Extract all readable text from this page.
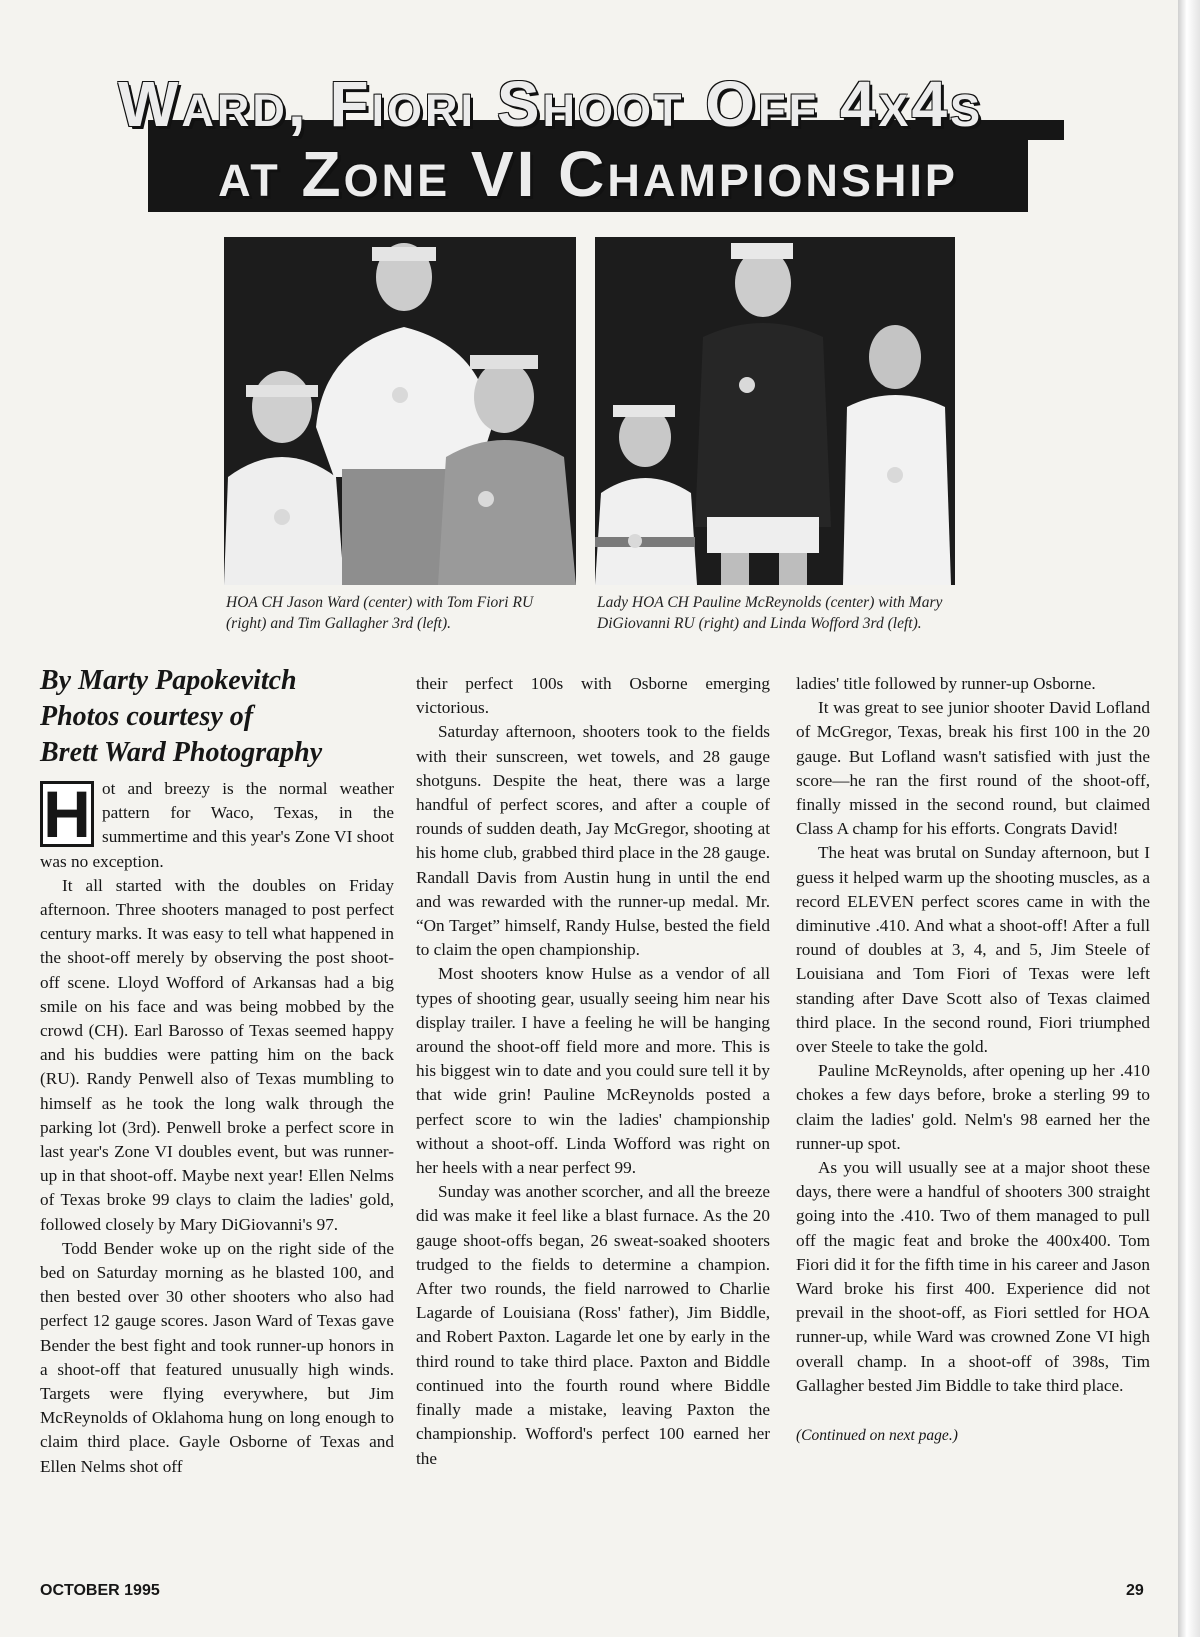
Ward, Fiori Shoot Off 4x4s
at Zone VI Championship
HOA CH Jason Ward (center) with Tom Fiori RU (right) and Tim Gallagher 3rd (left).
Lady HOA CH Pauline McReynolds (center) with Mary DiGiovanni RU (right) and Linda Wofford 3rd (left).
By Marty Papokevitch
Photos courtesy of
Brett Ward Photography
H ot and breezy is the normal weather pattern for Waco, Texas, in the summertime and this year's Zone VI shoot was no exception.

It all started with the doubles on Friday afternoon. Three shooters managed to post perfect century marks. It was easy to tell what happened in the shoot-off merely by observing the post shoot-off scene. Lloyd Wofford of Arkansas had a big smile on his face and was being mobbed by the crowd (CH). Earl Barosso of Texas seemed happy and his buddies were patting him on the back (RU). Randy Penwell also of Texas mumbling to himself as he took the long walk through the parking lot (3rd). Penwell broke a perfect score in last year's Zone VI doubles event, but was runner-up in that shoot-off. Maybe next year! Ellen Nelms of Texas broke 99 clays to claim the ladies' gold, followed closely by Mary DiGiovanni's 97.

Todd Bender woke up on the right side of the bed on Saturday morning as he blasted 100, and then bested over 30 other shooters who also had perfect 12 gauge scores. Jason Ward of Texas gave Bender the best fight and took runner-up honors in a shoot-off that featured unusually high winds. Targets were flying everywhere, but Jim McReynolds of Oklahoma hung on long enough to claim third place. Gayle Osborne of Texas and Ellen Nelms shot off

their perfect 100s with Osborne emerging victorious.

Saturday afternoon, shooters took to the fields with their sunscreen, wet towels, and 28 gauge shotguns. Despite the heat, there was a large handful of perfect scores, and after a couple of rounds of sudden death, Jay McGregor, shooting at his home club, grabbed third place in the 28 gauge. Randall Davis from Austin hung in until the end and was rewarded with the runner-up medal. Mr. “On Target” himself, Randy Hulse, bested the field to claim the open championship.

Most shooters know Hulse as a vendor of all types of shooting gear, usually seeing him near his display trailer. I have a feeling he will be hanging around the shoot-off field more and more. This is his biggest win to date and you could sure tell it by that wide grin! Pauline McReynolds posted a perfect score to win the ladies' championship without a shoot-off. Linda Wofford was right on her heels with a near perfect 99.

Sunday was another scorcher, and all the breeze did was make it feel like a blast furnace. As the 20 gauge shoot-offs began, 26 sweat-soaked shooters trudged to the fields to determine a champion. After two rounds, the field narrowed to Charlie Lagarde of Louisiana (Ross' father), Jim Biddle, and Robert Paxton. Lagarde let one by early in the third round to take third place. Paxton and Biddle continued into the fourth round where Biddle finally made a mistake, leaving Paxton the championship. Wofford's perfect 100 earned her the

ladies' title followed by runner-up Osborne.

It was great to see junior shooter David Lofland of McGregor, Texas, break his first 100 in the 20 gauge. But Lofland wasn't satisfied with just the score—he ran the first round of the shoot-off, finally missed in the second round, but claimed Class A champ for his efforts. Congrats David!

The heat was brutal on Sunday afternoon, but I guess it helped warm up the shooting muscles, as a record ELEVEN perfect scores came in with the diminutive .410. And what a shoot-off! After a full round of doubles at 3, 4, and 5, Jim Steele of Louisiana and Tom Fiori of Texas were left standing after Dave Scott also of Texas claimed third place. In the second round, Fiori triumphed over Steele to take the gold.

Pauline McReynolds, after opening up her .410 chokes a few days before, broke a sterling 99 to claim the ladies' gold. Nelm's 98 earned her the runner-up spot.

As you will usually see at a major shoot these days, there were a handful of shooters 300 straight going into the .410. Two of them managed to pull off the magic feat and broke the 400x400. Tom Fiori did it for the fifth time in his career and Jason Ward broke his first 400. Experience did not prevail in the shoot-off, as Fiori settled for HOA runner-up, while Ward was crowned Zone VI high overall champ. In a shoot-off of 398s, Tim Gallagher bested Jim Biddle to take third place.

(Continued on next page.)

OCTOBER 1995	29
